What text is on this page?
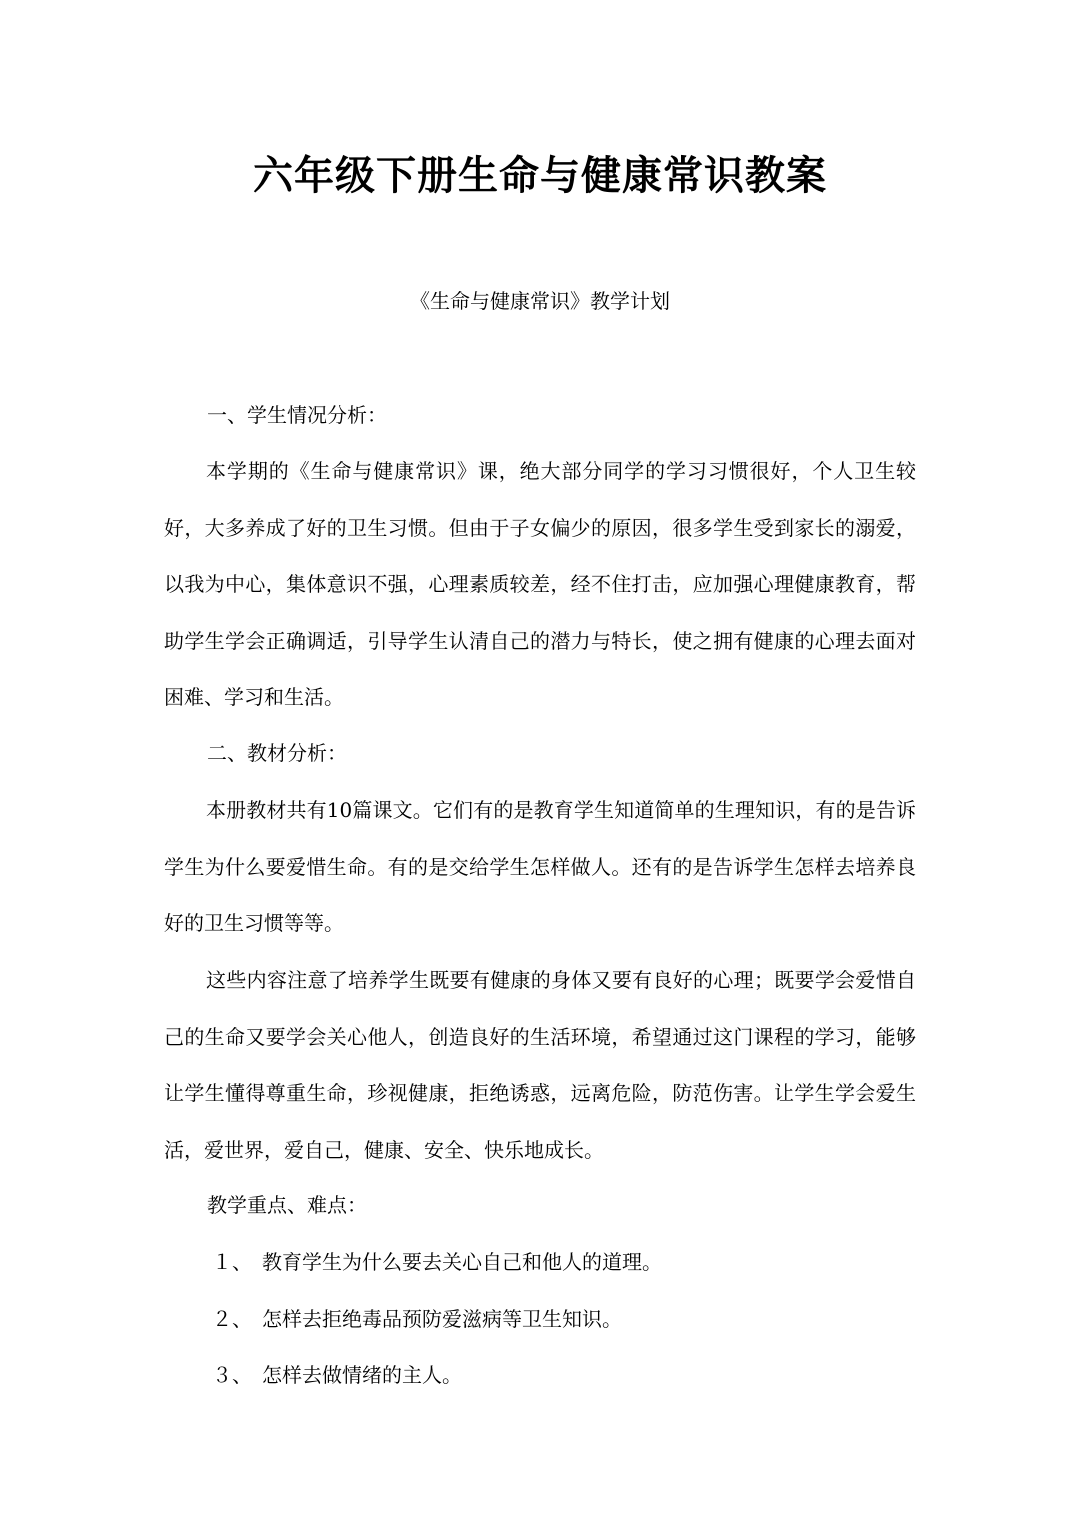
六年级下册生命与健康常识教案
《生命与健康常识》教学计划
一、学生情况分析：

本学期的《生命与健康常识》课，绝大部分同学的学习习惯很好，个人卫生较好，大多养成了好的卫生习惯。但由于子女偏少的原因，很多学生受到家长的溺爱，以我为中心，集体意识不强，心理素质较差，经不住打击，应加强心理健康教育，帮助学生学会正确调适，引导学生认清自己的潜力与特长，使之拥有健康的心理去面对困难、学习和生活。

二、教材分析：

本册教材共有10篇课文。它们有的是教育学生知道简单的生理知识，有的是告诉学生为什么要爱惜生命。有的是交给学生怎样做人。还有的是告诉学生怎样去培养良好的卫生习惯等等。

这些内容注意了培养学生既要有健康的身体又要有良好的心理；既要学会爱惜自己的生命又要学会关心他人，创造良好的生活环境，希望通过这门课程的学习，能够让学生懂得尊重生命，珍视健康，拒绝诱惑，远离危险，防范伤害。让学生学会爱生活，爱世界，爱自己，健康、安全、快乐地成长。

教学重点、难点：
１、 教育学生为什么要去关心自己和他人的道理。
２、 怎样去拒绝毒品预防爱滋病等卫生知识。
３、 怎样去做情绪的主人。
